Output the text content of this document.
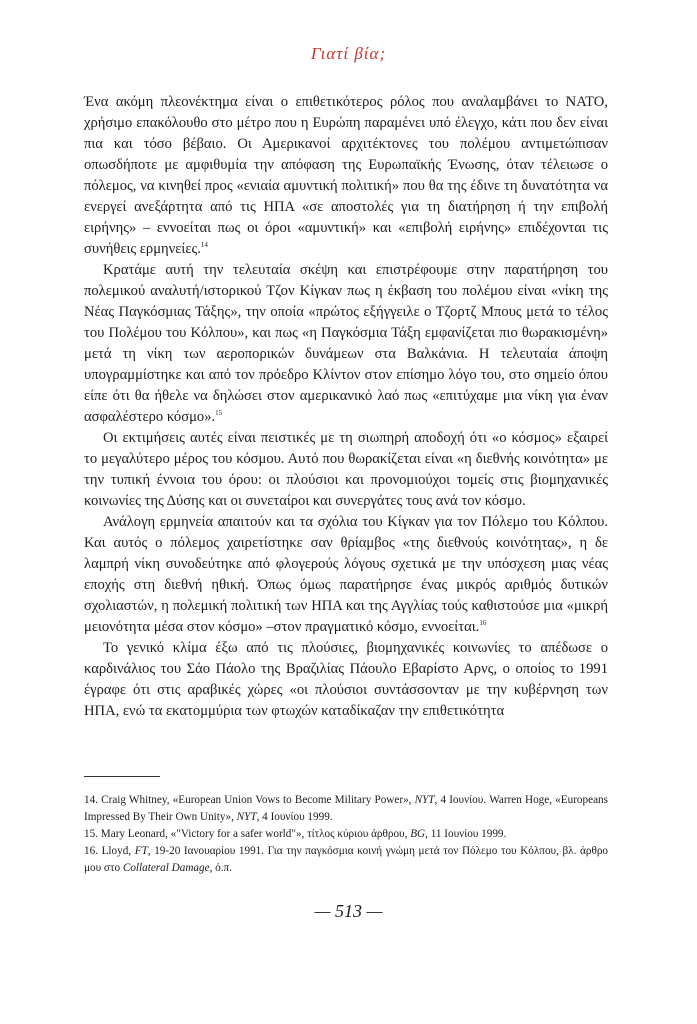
Γιατί βία;

Ένα ακόμη πλεονέκτημα είναι ο επιθετικότερος ρόλος που αναλαμβάνει το ΝΑΤΟ, χρήσιμο επακόλουθο στο μέτρο που η Ευρώπη παραμένει υπό έλεγχο, κάτι που δεν είναι πια και τόσο βέβαιο. Οι Αμερικανοί αρχιτέκτονες του πολέμου αντιμετώπισαν οπωσδήποτε με αμφιθυμία την απόφαση της Ευρωπαϊκής Ένωσης, όταν τέλειωσε ο πόλεμος, να κινηθεί προς «ενιαία αμυντική πολιτική» που θα της έδινε τη δυνατότητα να ενεργεί ανεξάρτητα από τις ΗΠΑ «σε αποστολές για τη διατήρηση ή την επιβολή ειρήνης» – εννοείται πως οι όροι «αμυντική» και «επιβολή ειρήνης» επιδέχονται τις συνήθεις ερμηνείες.$^{14}$

Κρατάμε αυτή την τελευταία σκέψη και επιστρέφουμε στην παρατήρηση του πολεμικού αναλυτή/ιστορικού Τζον Κίγκαν πως η έκβαση του πολέμου είναι «νίκη της Νέας Παγκόσμιας Τάξης», την οποία «πρώτος εξήγγειλε ο Τζορτζ Μπους μετά το τέλος του Πολέμου του Κόλπου», και πως «η Παγκόσμια Τάξη εμφανίζεται πιο θωρακισμένη» μετά τη νίκη των αεροπορικών δυνάμεων στα Βαλκάνια. Η τελευταία άποψη υπογραμμίστηκε και από τον πρόεδρο Κλίντον στον επίσημο λόγο του, στο σημείο όπου είπε ότι θα ήθελε να δηλώσει στον αμερικανικό λαό πως «επιτύχαμε μια νίκη για έναν ασφαλέστερο κόσμο».$^{15}$

Οι εκτιμήσεις αυτές είναι πειστικές με τη σιωπηρή αποδοχή ότι «ο κόσμος» εξαιρεί το μεγαλύτερο μέρος του κόσμου. Αυτό που θωρακίζεται είναι «η διεθνής κοινότητα» με την τυπική έννοια του όρου: οι πλούσιοι και προνομιούχοι τομείς στις βιομηχανικές κοινωνίες της Δύσης και οι συνεταίροι και συνεργάτες τους ανά τον κόσμο.

Ανάλογη ερμηνεία απαιτούν και τα σχόλια του Κίγκαν για τον Πόλεμο του Κόλπου. Και αυτός ο πόλεμος χαιρετίστηκε σαν θρίαμβος «της διεθνούς κοινότητας», η δε λαμπρή νίκη συνοδεύτηκε από φλογερούς λόγους σχετικά με την υπόσχεση μιας νέας εποχής στη διεθνή ηθική. Όπως όμως παρατήρησε ένας μικρός αριθμός δυτικών σχολιαστών, η πολεμική πολιτική των ΗΠΑ και της Αγγλίας τούς καθιστούσε μια «μικρή μειονότητα μέσα στον κόσμο» –στον πραγματικό κόσμο, εννοείται.$^{16}$

Το γενικό κλίμα έξω από τις πλούσιες, βιομηχανικές κοινωνίες το απέδωσε ο καρδινάλιος του Σάο Πάολο της Βραζιλίας Πάουλο Εβαρίστο Αρνς, ο οποίος το 1991 έγραφε ότι στις αραβικές χώρες «οι πλούσιοι συντάσσονταν με την κυβέρνηση των ΗΠΑ, ενώ τα εκατομμύρια των φτωχών καταδίκαζαν την επιθετικότητα

14. Craig Whitney, «European Union Vows to Become Military Power», NYT, 4 Ιουνίου. Warren Hoge, «Europeans Impressed By Their Own Unity», NYT, 4 Ιουνίου 1999.

15. Mary Leonard, «"Victory for a safer world"», τίτλος κύριου άρθρου, BG, 11 Ιουνίου 1999.

16. Lloyd, FT, 19-20 Ιανουαρίου 1991. Για την παγκόσμια κοινή γνώμη μετά τον Πόλεμο του Κόλπου, βλ. άρθρο μου στο Collateral Damage, ό.π.

— 513 —
